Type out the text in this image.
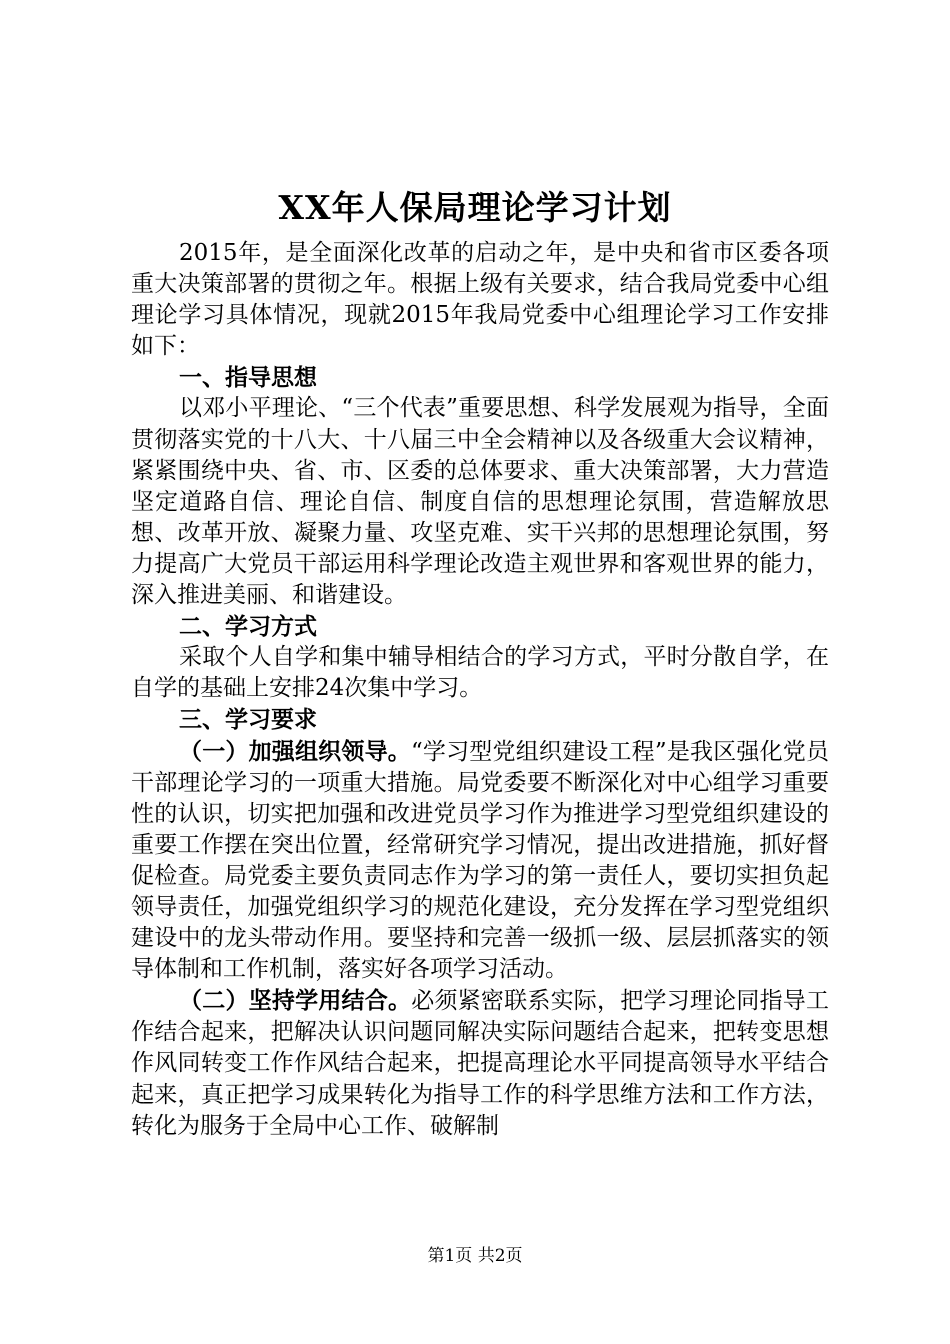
XX年人保局理论学习计划

2015年，是全面深化改革的启动之年，是中央和省市区委各项重大决策部署的贯彻之年。根据上级有关要求，结合我局党委中心组理论学习具体情况，现就2015年我局党委中心组理论学习工作安排如下：

一、指导思想

以邓小平理论、“三个代表”重要思想、科学发展观为指导，全面贯彻落实党的十八大、十八届三中全会精神以及各级重大会议精神，紧紧围绕中央、省、市、区委的总体要求、重大决策部署，大力营造坚定道路自信、理论自信、制度自信的思想理论氛围，营造解放思想、改革开放、凝聚力量、攻坚克难、实干兴邦的思想理论氛围，努力提高广大党员干部运用科学理论改造主观世界和客观世界的能力，深入推进美丽、和谐建设。

二、学习方式

采取个人自学和集中辅导相结合的学习方式，平时分散自学，在自学的基础上安排24次集中学习。

三、学习要求

（一）加强组织领导。“学习型党组织建设工程”是我区强化党员干部理论学习的一项重大措施。局党委要不断深化对中心组学习重要性的认识，切实把加强和改进党员学习作为推进学习型党组织建设的重要工作摆在突出位置，经常研究学习情况，提出改进措施，抓好督促检查。局党委主要负责同志作为学习的第一责任人，要切实担负起领导责任，加强党组织学习的规范化建设，充分发挥在学习型党组织建设中的龙头带动作用。要坚持和完善一级抓一级、层层抓落实的领导体制和工作机制，落实好各项学习活动。

（二）坚持学用结合。必须紧密联系实际，把学习理论同指导工作结合起来，把解决认识问题同解决实际问题结合起来，把转变思想作风同转变工作作风结合起来，把提高理论水平同提高领导水平结合起来，真正把学习成果转化为指导工作的科学思维方法和工作方法，转化为服务于全局中心工作、破解制

第1页 共2页
